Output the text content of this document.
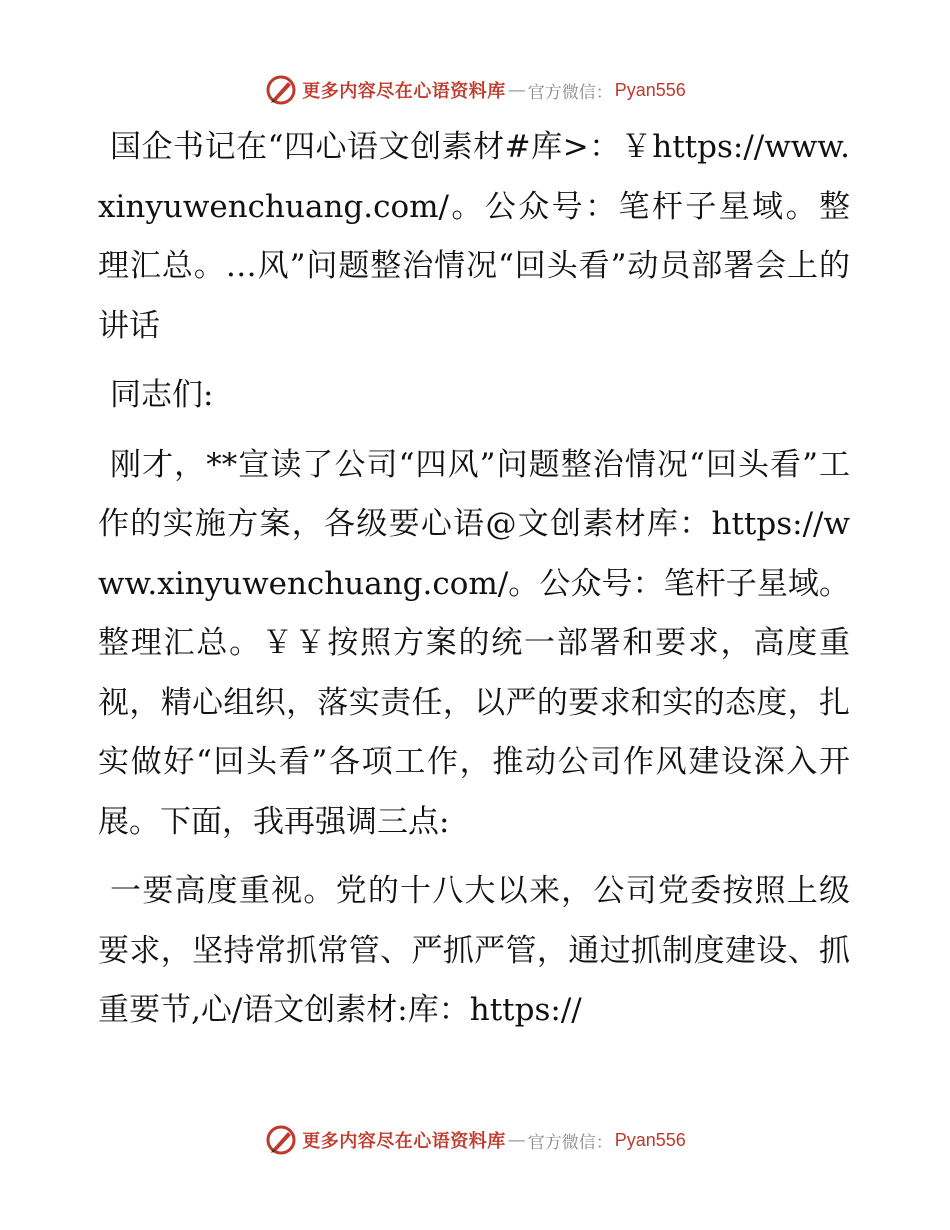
更多内容尽在心语资料库 — 官方微信： Pyan556

国企书记在“四心语文创素材#库>：￥https://www.xinyuwenchuang.com/。公众号：笔杆子星域。整理汇总。…风”问题整治情况“回头看”动员部署会上的讲话

同志们:

刚才，**宣读了公司“四风”问题整治情况“回头看”工作的实施方案，各级要心语@文创素材库：https://www.xinyuwenchuang.com/。公众号：笔杆子星域。整理汇总。￥￥按照方案的统一部署和要求，高度重视，精心组织，落实责任，以严的要求和实的态度，扎实做好“回头看”各项工作，推动公司作风建设深入开展。下面，我再强调三点:

一要高度重视。党的十八大以来，公司党委按照上级要求，坚持常抓常管、严抓严管，通过抓制度建设、抓重要节,心/语文创素材:库：https://

更多内容尽在心语资料库 — 官方微信： Pyan556
